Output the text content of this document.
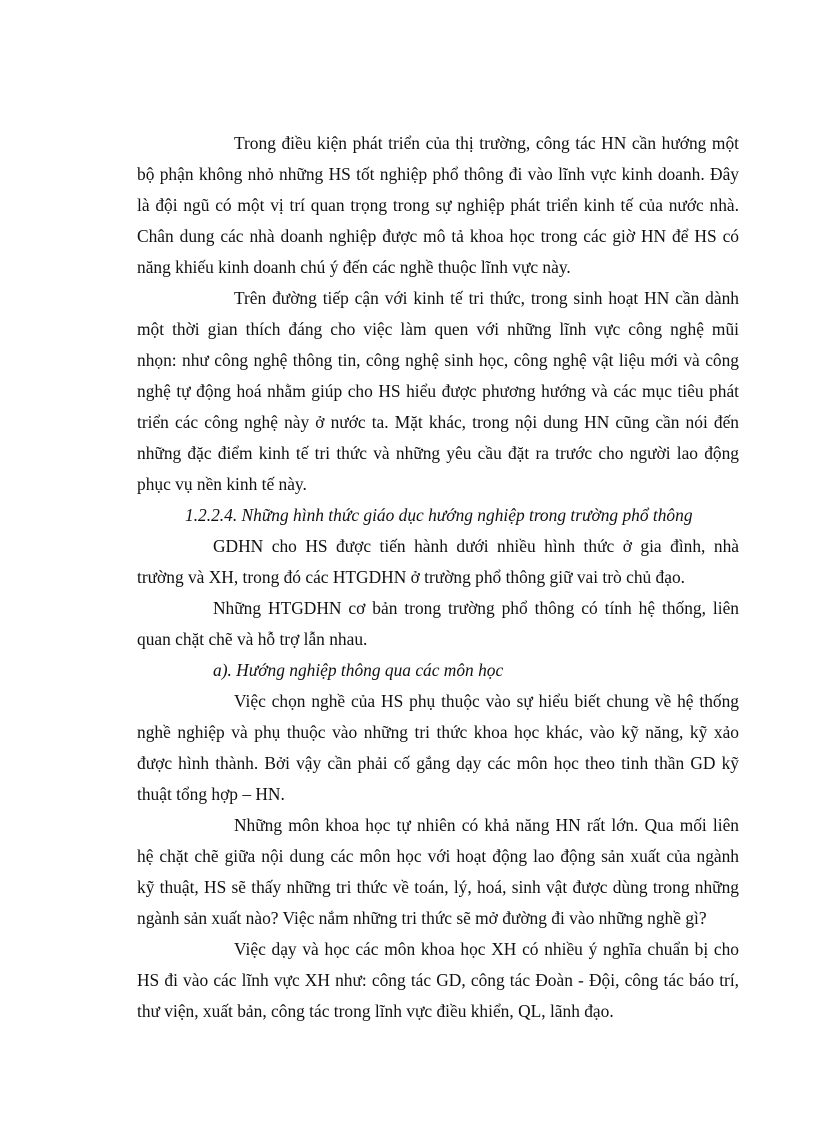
Trong điều kiện phát triển của thị trường, công tác HN cần hướng một
bộ phận không nhỏ những HS tốt nghiệp phổ thông đi vào lĩnh vực kinh doanh. Đây
là đội ngũ có một vị trí quan trọng trong sự nghiệp phát triển kinh tế của nước nhà.
Chân dung các nhà doanh nghiệp được mô tả khoa học trong các giờ HN để HS có
năng khiếu kinh doanh chú ý đến các nghề thuộc lĩnh vực này.
Trên đường tiếp cận với kinh tế tri thức, trong sinh hoạt HN cần dành
một thời gian thích đáng cho việc làm quen với những lĩnh vực công nghệ mũi
nhọn: như công nghệ thông tin, công nghệ sinh học, công nghệ vật liệu mới và công
nghệ tự động hoá nhằm giúp cho HS hiểu được phương hướng và các mục tiêu phát
triển các công nghệ này ở nước ta. Mặt khác, trong nội dung HN cũng cần nói đến
những đặc điểm kinh tế tri thức và những yêu cầu đặt ra trước cho người lao động
phục vụ nền kinh tế này.
1.2.2.4. Những hình thức giáo dục hướng nghiệp trong trường phổ thông
GDHN cho HS được tiến hành dưới nhiều hình thức ở gia đình, nhà
trường và XH, trong đó các HTGDHN ở trường phổ thông giữ vai trò chủ đạo.
Những HTGDHN cơ bản trong trường phổ thông có tính hệ thống, liên
quan chặt chẽ và hỗ trợ lẫn nhau.
a). Hướng nghiệp thông qua các môn học
Việc chọn nghề của HS phụ thuộc vào sự hiểu biết chung về hệ thống
nghề nghiệp và phụ thuộc vào những tri thức khoa học khác, vào kỹ năng, kỹ xảo
được hình thành. Bởi vậy cần phải cố gắng dạy các môn học theo tinh thần GD kỹ
thuật tổng hợp – HN.
Những môn khoa học tự nhiên có khả năng HN rất lớn. Qua mối liên
hệ chặt chẽ giữa nội dung các môn học với hoạt động lao động sản xuất của ngành
kỹ thuật, HS sẽ thấy những tri thức về toán, lý, hoá, sinh vật được dùng trong những
ngành sản xuất nào? Việc nắm những tri thức sẽ mở đường đi vào những nghề gì?
Việc dạy và học các môn khoa học XH có nhiều ý nghĩa chuẩn bị cho
HS đi vào các lĩnh vực XH như: công tác GD, công tác Đoàn - Đội, công tác báo trí,
thư viện, xuất bản, công tác trong lĩnh vực điều khiển, QL, lãnh đạo.
